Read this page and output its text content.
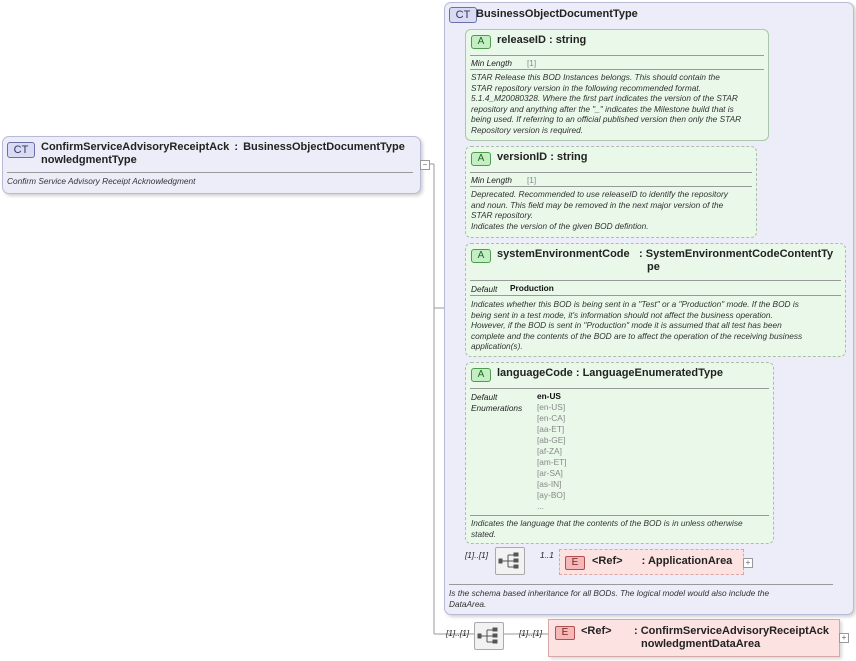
CT	ConfirmServiceAdvisoryReceiptAck : BusinessObjectDocumentType
nowledgmentType
Confirm Service Advisory Receipt Acknowledgment
−
CT BusinessObjectDocumentType
A	releaseID : string
Min Length [1]
STAR Release this BOD Instances belongs. This should contain the
STAR repository version in the following recommended format.
5.1.4_M20080328. Where the first part indicates the version of the STAR
repository and anything after the "_" indicates the Milestone build that is
being used. If referring to an official published version then only the STAR
Repository version is required.
A	versionID : string
Min Length [1]
Deprecated. Recommended to use releaseID to identify the repository
and noun. This field may be removed in the next major version of the
STAR repository.
Indicates the version of the given BOD defintion.
A	systemEnvironmentCode : SystemEnvironmentCodeContentTy
pe
Default Production
Indicates whether this BOD is being sent in a "Test" or a "Production" mode. If the BOD is
being sent in a test mode, it's information should not affect the business operation.
However, if the BOD is sent in "Production" mode it is assumed that all test has been
complete and the contents of the BOD are to affect the operation of the receiving business
application(s).
A	languageCode : LanguageEnumeratedType
Default	en-US
Enumerations [en-US]
[en-CA]
[aa-ET]
[ab-GE]
[af-ZA]
[am-ET]
[ar-SA]
[as-IN]
[ay-BO]
...
Indicates the language that the contents of the BOD is in unless otherwise
stated.
[1]..[1]	1..1
E	<Ref> : ApplicationArea	+
Is the schema based inheritance for all BODs. The logical model would also include the
DataArea.
[1]..[1]	[1]..[1]	E	<Ref> : ConfirmServiceAdvisoryReceiptAck
nowledgmentDataArea
+
